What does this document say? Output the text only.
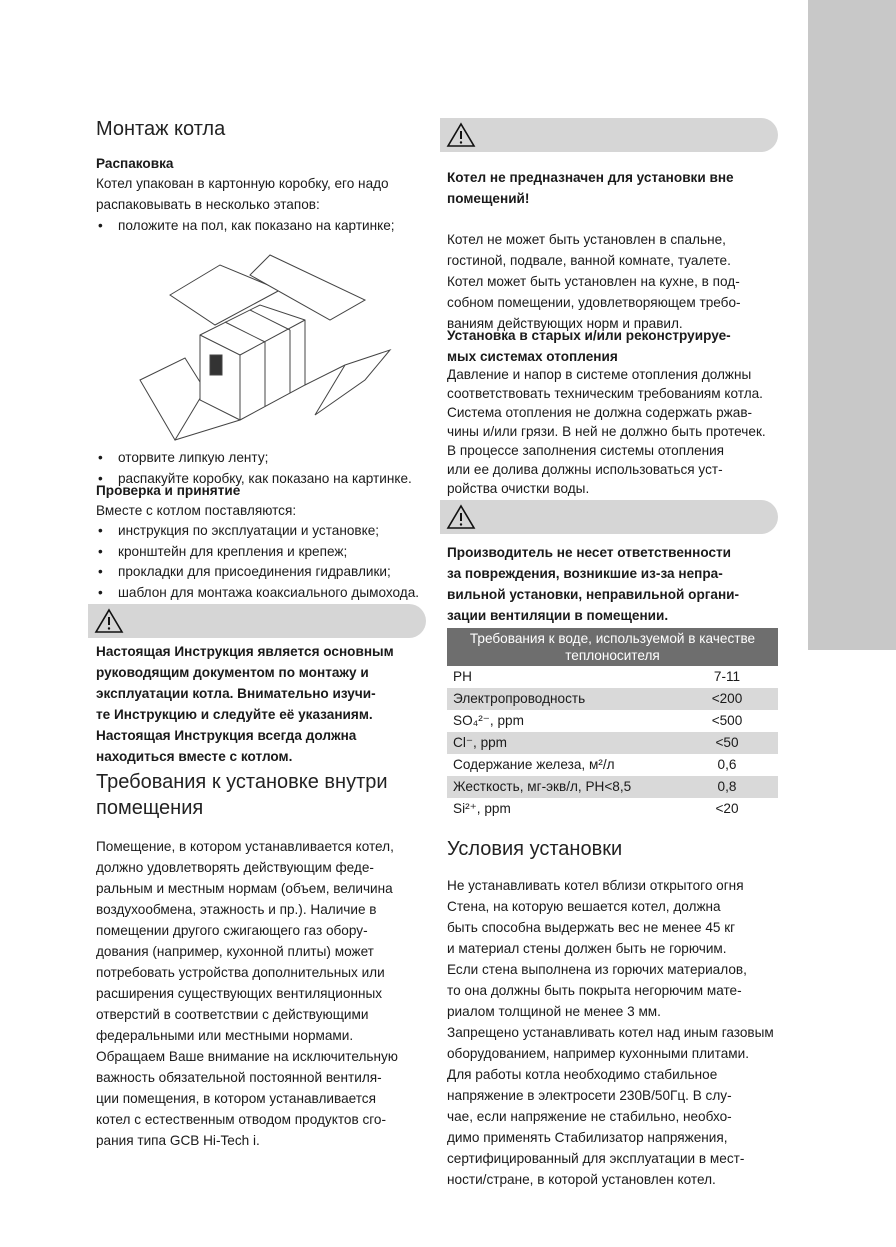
Монтаж котла
Распаковка
Котел упакован в картонную коробку, его надо
распаковывать в несколько этапов:
• положите на пол, как показано на картинке;
• оторвите липкую ленту;
• распакуйте коробку, как показано на картинке.
Проверка и принятие
Вместе с котлом поставляются:
• инструкция по эксплуатации и установке;
• кронштейн для крепления и крепеж;
• прокладки для присоединения гидравлики;
• шаблон для монтажа коаксиального дымохода.
Настоящая Инструкция является основным
руководящим документом по монтажу и
эксплуатации котла. Внимательно изучи-
те Инструкцию и следуйте её указаниям.
Настоящая Инструкция всегда должна
находиться вместе с котлом.
Требования к установке внутри
помещения
Помещение, в котором устанавливается котел,
должно удовлетворять действующим феде-
ральным и местным нормам (объем, величина
воздухообмена, этажность и пр.). Наличие в
помещении другого сжигающего газ обору-
дования (например, кухонной плиты) может
потребовать устройства дополнительных или
расширения существующих вентиляционных
отверстий в соответствии с действующими
федеральными или местными нормами.
Обращаем Ваше внимание на исключительную
важность обязательной постоянной вентиля-
ции помещения, в котором устанавливается
котел с естественным отводом продуктов сго-
рания типа GCB Hi-Tech i.
Котел не предназначен для установки вне
помещений!
Котел не может быть установлен в спальне,
гостиной, подвале, ванной комнате, туалете.
Котел может быть установлен на кухне, в под-
собном помещении, удовлетворяющем требо-
ваниям действующих норм и правил.
Установка в старых и/или реконструируе-
мых системах отопления
Давление и напор в системе отопления должны
соответствовать техническим требованиям котла.
Система отопления не должна содержать ржав-
чины и/или грязи. В ней не должно быть протечек.
В процессе заполнения системы отопления
или ее долива должны использоваться уст-
ройства очистки воды.
Производитель не несет ответственности
за повреждения, возникшие из-за непра-
вильной установки, неправильной органи-
зации вентиляции в помещении.
Требования к воде, используемой в качестве теплоносителя	
PH	7-11
Электропроводность	<200
SO₄²⁻, ppm	<500
Cl⁻, ppm	<50
Содержание железа, м²/л	0,6
Жесткость, мг-экв/л, PH<8,5	0,8
Si²⁺, ppm	<20
Условия установки
Не устанавливать котел вблизи открытого огня
Стена, на которую вешается котел, должна
быть способна выдержать вес не менее 45 кг
и материал стены должен быть не горючим.
Если стена выполнена из горючих материалов,
то она должны быть покрыта негорючим мате-
риалом толщиной не менее 3 мм.
Запрещено устанавливать котел над иным газовым
оборудованием, например кухонными плитами.
Для работы котла необходимо стабильное
напряжение в электросети 230В/50Гц. В слу-
чае, если напряжение не стабильно, необхо-
димо применять Стабилизатор напряжения,
сертифицированный для эксплуатации в мест-
ности/стране, в которой установлен котел.
